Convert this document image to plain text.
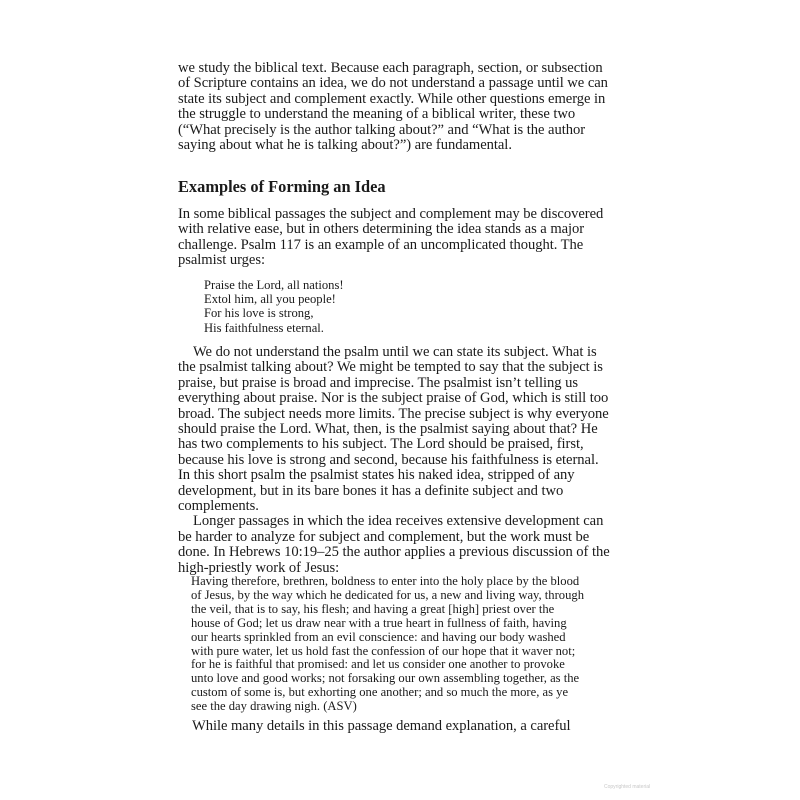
we study the biblical text. Because each paragraph, section, or subsection
of Scripture contains an idea, we do not understand a passage until we can
state its subject and complement exactly. While other questions emerge in
the struggle to understand the meaning of a biblical writer, these two
(“What precisely is the author talking about?” and “What is the author
saying about what he is talking about?”) are fundamental.

Examples of Forming an Idea

In some biblical passages the subject and complement may be discovered
with relative ease, but in others determining the idea stands as a major
challenge. Psalm 117 is an example of an uncomplicated thought. The
psalmist urges:

Praise the Lord, all nations!
Extol him, all you people!
For his love is strong,
His faithfulness eternal.

We do not understand the psalm until we can state its subject. What is
the psalmist talking about? We might be tempted to say that the subject is
praise, but praise is broad and imprecise. The psalmist isn’t telling us
everything about praise. Nor is the subject praise of God, which is still too
broad. The subject needs more limits. The precise subject is why everyone
should praise the Lord. What, then, is the psalmist saying about that? He
has two complements to his subject. The Lord should be praised, first,
because his love is strong and second, because his faithfulness is eternal.
In this short psalm the psalmist states his naked idea, stripped of any
development, but in its bare bones it has a definite subject and two
complements.

Longer passages in which the idea receives extensive development can
be harder to analyze for subject and complement, but the work must be
done. In Hebrews 10:19–25 the author applies a previous discussion of the
high-priestly work of Jesus:

Having therefore, brethren, boldness to enter into the holy place by the blood
of Jesus, by the way which he dedicated for us, a new and living way, through
the veil, that is to say, his flesh; and having a great [high] priest over the
house of God; let us draw near with a true heart in fullness of faith, having
our hearts sprinkled from an evil conscience: and having our body washed
with pure water, let us hold fast the confession of our hope that it waver not;
for he is faithful that promised: and let us consider one another to provoke
unto love and good works; not forsaking our own assembling together, as the
custom of some is, but exhorting one another; and so much the more, as ye
see the day drawing nigh. (ASV)

While many details in this passage demand explanation, a careful

Copyrighted material
